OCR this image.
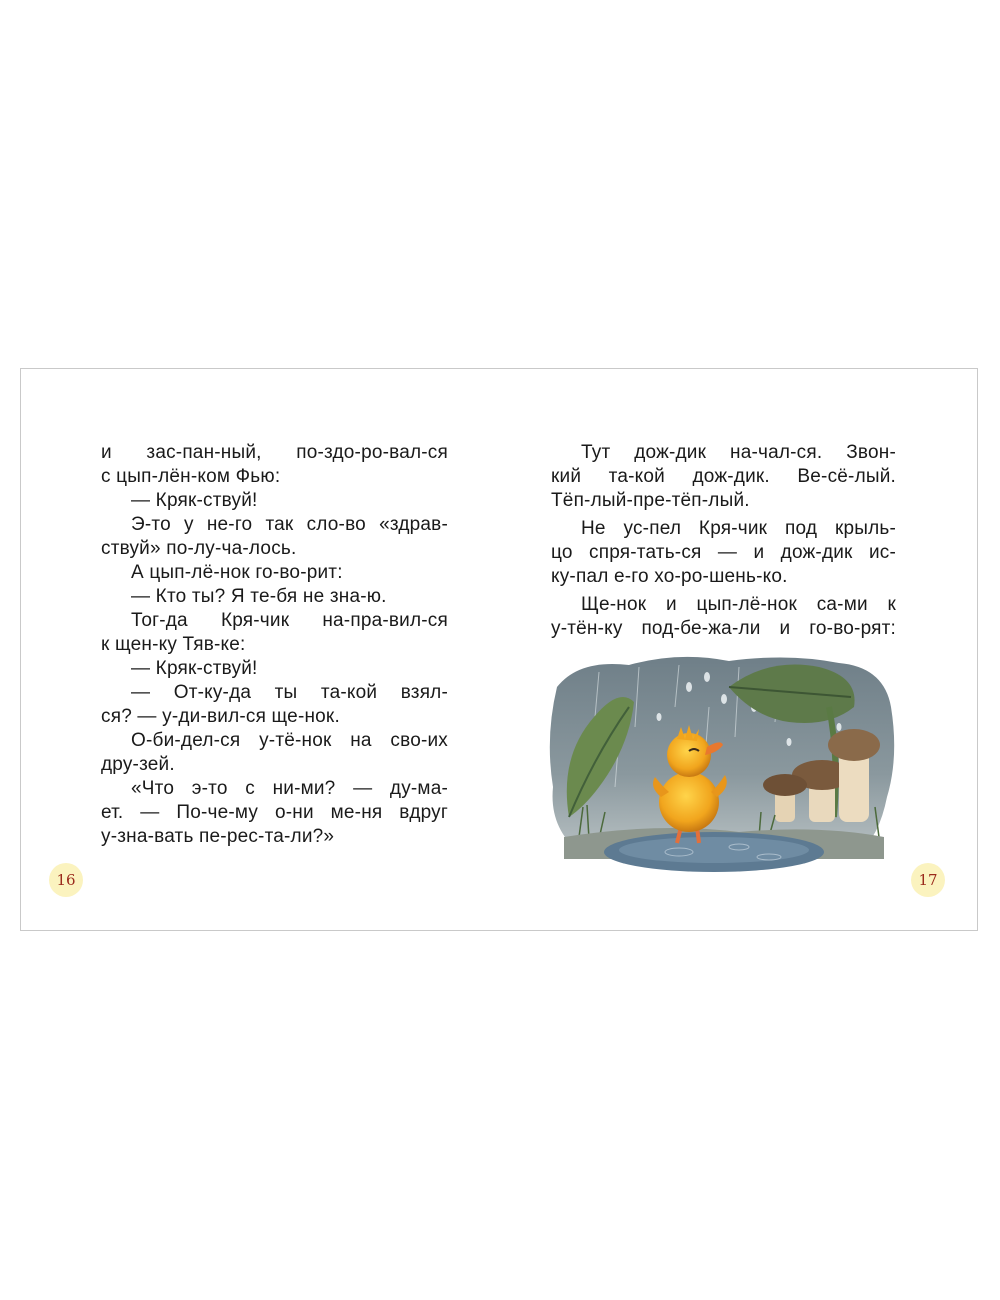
и зас-пан-ный, по-здо-ро-вал-ся
с цып-лён-ком Фью:
— Кряк-ствуй!
Э-то у не-го так сло-во «здрав-
ствуй» по-лу-ча-лось.
А цып-лё-нок го-во-рит:
— Кто ты? Я те-бя не зна-ю.
Тог-да Кря-чик на-пра-вил-ся
к щен-ку Тяв-ке:
— Кряк-ствуй!
— От-ку-да ты та-кой взял-
ся? — у-ди-вил-ся ще-нок.
О-би-дел-ся у-тё-нок на сво-их
дру-зей.
«Что э-то с ни-ми? — ду-ма-
ет. — По-че-му о-ни ме-ня вдруг
у-зна-вать пе-рес-та-ли?»
Тут дож-дик на-чал-ся. Звон-
кий та-кой дож-дик. Ве-сё-лый.
Тёп-лый-пре-тёп-лый.
Не ус-пел Кря-чик под крыль-
цо спря-тать-ся — и дож-дик ис-
ку-пал е-го хо-ро-шень-ко.
Ще-нок и цып-лё-нок са-ми к
у-тён-ку под-бе-жа-ли и го-во-рят:
16	17
